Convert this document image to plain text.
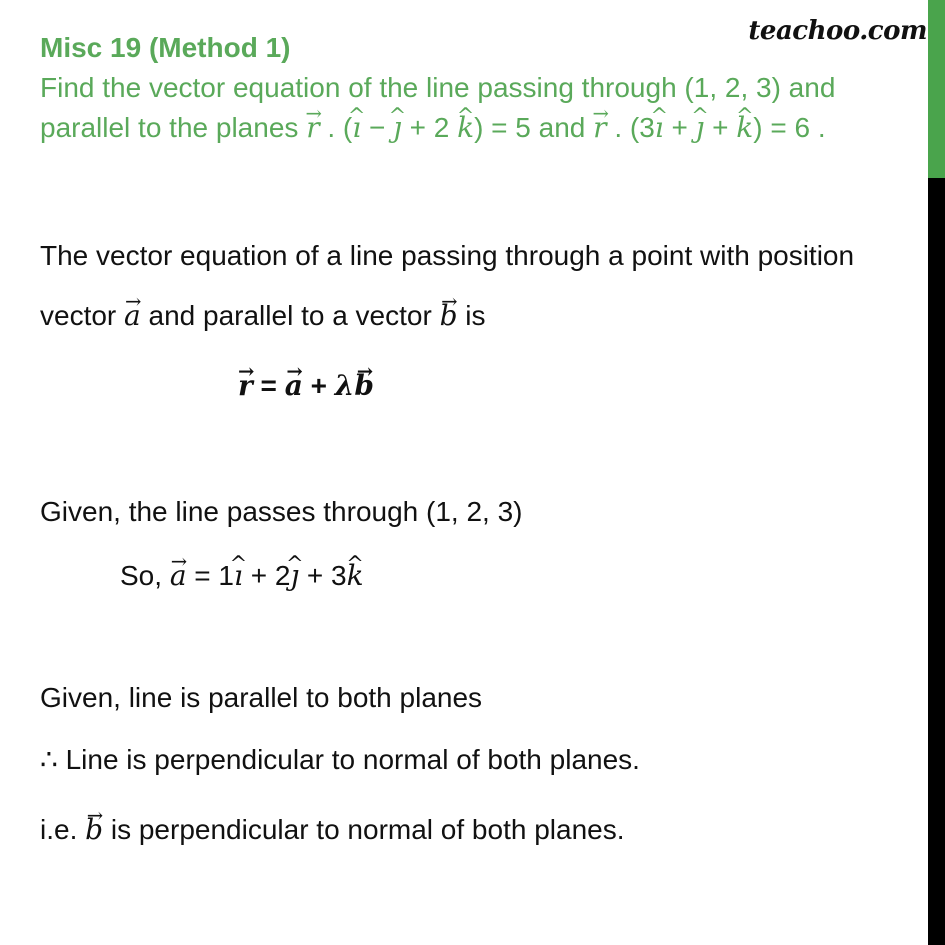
teachoo.com
Misc 19 (Method 1)
Find the vector equation of the line passing through (1, 2, 3) and
parallel to the planes → r . (^ ı − ^ ȷ + 2 ^ k) = 5 and → r . (3^ ı + ^ ȷ + ^ k) = 6 .
The vector equation of a line passing through a point with position
vector → a and parallel to a vector → b is
→ r = → a + λ→ b
Given, the line passes through (1, 2, 3)
So, → a = 1^ ı + 2^ ȷ + 3^ k
Given, line is parallel to both planes
∴ Line is perpendicular to normal of both planes.
i.e. → b is perpendicular to normal of both planes.
